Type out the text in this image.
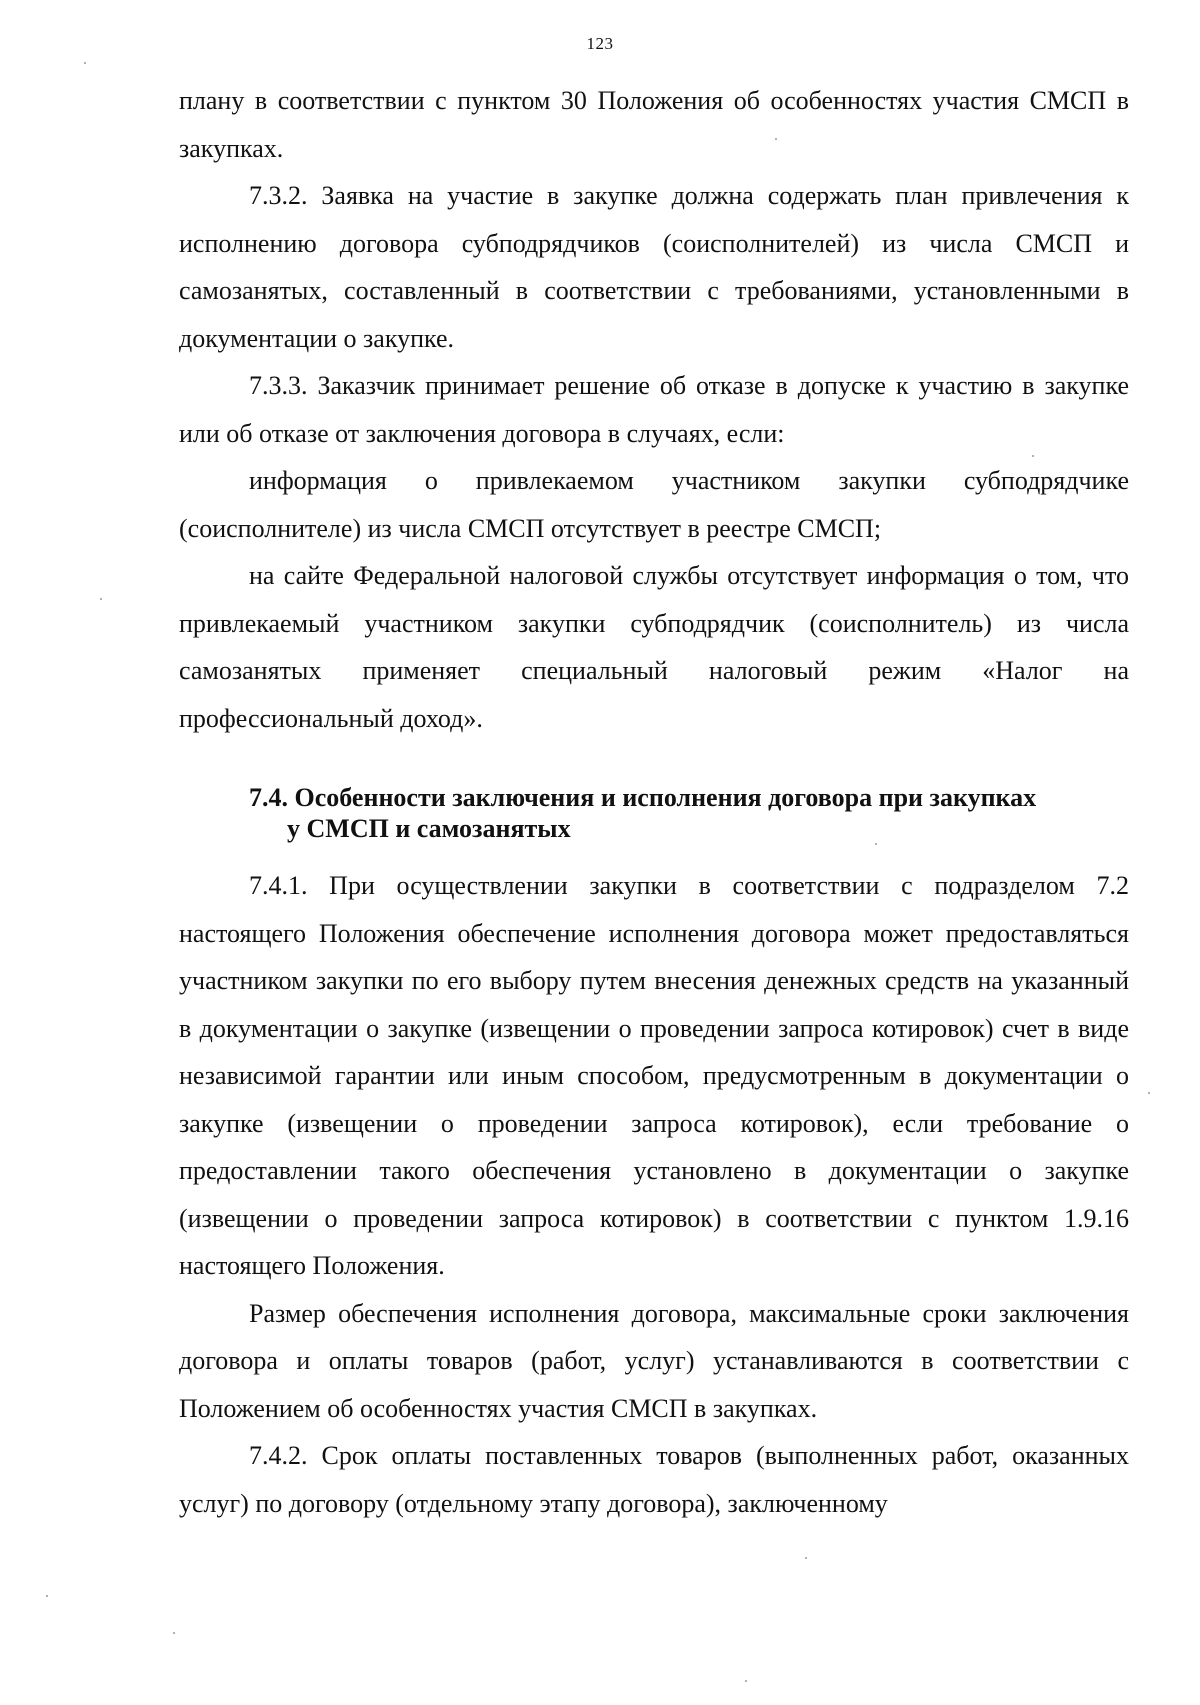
123

плану в соответствии с пунктом 30 Положения об особенностях участия СМСП в закупках.

7.3.2. Заявка на участие в закупке должна содержать план привлечения к исполнению договора субподрядчиков (соисполнителей) из числа СМСП и самозанятых, составленный в соответствии с требованиями, установленными в документации о закупке.

7.3.3. Заказчик принимает решение об отказе в допуске к участию в закупке или об отказе от заключения договора в случаях, если:

информация о привлекаемом участником закупки субподрядчике (соисполнителе) из числа СМСП отсутствует в реестре СМСП;

на сайте Федеральной налоговой службы отсутствует информация о том, что привлекаемый участником закупки субподрядчик (соисполнитель) из числа самозанятых применяет специальный налоговый режим «Налог на профессиональный доход».

7.4. Особенности заключения и исполнения договора при закупках
у СМСП и самозанятых

7.4.1. При осуществлении закупки в соответствии с подразделом 7.2 настоящего Положения обеспечение исполнения договора может предоставляться участником закупки по его выбору путем внесения денежных средств на указанный в документации о закупке (извещении о проведении запроса котировок) счет в виде независимой гарантии или иным способом, предусмотренным в документации о закупке (извещении о проведении запроса котировок), если требование о предоставлении такого обеспечения установлено в документации о закупке (извещении о проведении запроса котировок) в соответствии с пунктом 1.9.16 настоящего Положения.

Размер обеспечения исполнения договора, максимальные сроки заключения договора и оплаты товаров (работ, услуг) устанавливаются в соответствии с Положением об особенностях участия СМСП в закупках.

7.4.2. Срок оплаты поставленных товаров (выполненных работ, оказанных услуг) по договору (отдельному этапу договора), заключенному
